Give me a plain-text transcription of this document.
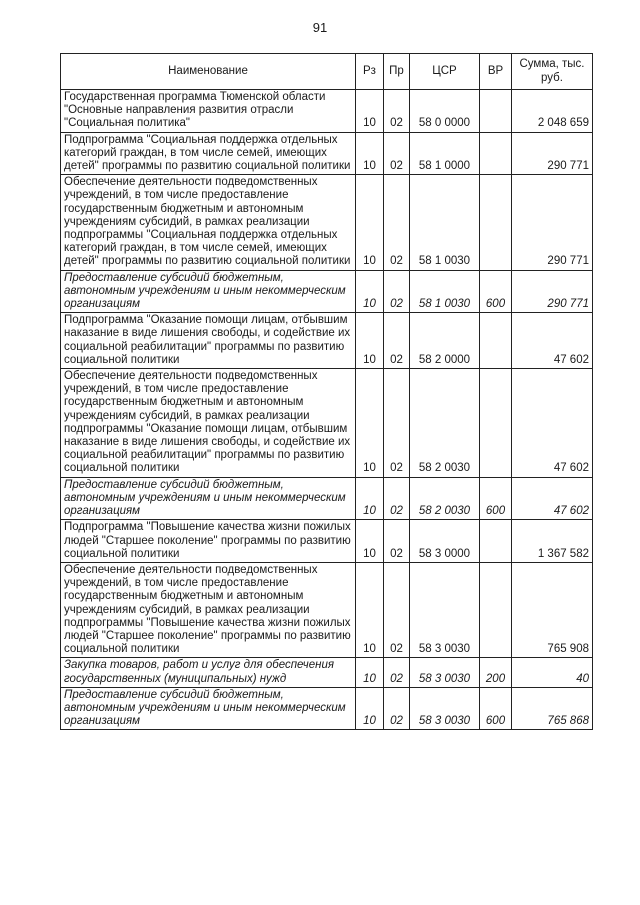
91
Наименование	Рз	Пр	ЦСР	ВР	Сумма, тыс. руб.
Государственная программа Тюменской области "Основные направления развития отрасли "Социальная политика"	10	02	58 0 0000		2 048 659
Подпрограмма "Социальная поддержка отдельных категорий граждан, в том числе семей, имеющих детей" программы по развитию социальной политики	10	02	58 1 0000		290 771
Обеспечение деятельности подведомственных учреждений, в том числе предоставление государственным бюджетным и автономным учреждениям субсидий, в рамках реализации подпрограммы "Социальная поддержка отдельных категорий граждан, в том числе семей, имеющих детей" программы по развитию социальной политики	10	02	58 1 0030		290 771
Предоставление субсидий бюджетным, автономным учреждениям и иным некоммерческим организациям	10	02	58 1 0030	600	290 771
Подпрограмма "Оказание помощи лицам, отбывшим наказание в виде лишения свободы, и содействие их социальной реабилитации" программы по развитию социальной политики	10	02	58 2 0000		47 602
Обеспечение деятельности подведомственных учреждений, в том числе предоставление государственным бюджетным и автономным учреждениям субсидий, в рамках реализации подпрограммы "Оказание помощи лицам, отбывшим наказание в виде лишения свободы, и содействие их социальной реабилитации" программы по развитию социальной политики	10	02	58 2 0030		47 602
Предоставление субсидий бюджетным, автономным учреждениям и иным некоммерческим организациям	10	02	58 2 0030	600	47 602
Подпрограмма "Повышение качества жизни пожилых людей "Старшее поколение" программы по развитию социальной политики	10	02	58 3 0000		1 367 582
Обеспечение деятельности подведомственных учреждений, в том числе предоставление государственным бюджетным и автономным учреждениям субсидий, в рамках реализации подпрограммы "Повышение качества жизни пожилых людей "Старшее поколение" программы по развитию социальной политики	10	02	58 3 0030		765 908
Закупка товаров, работ и услуг для обеспечения государственных (муниципальных) нужд	10	02	58 3 0030	200	40
Предоставление субсидий бюджетным, автономным учреждениям и иным некоммерческим организациям	10	02	58 3 0030	600	765 868
